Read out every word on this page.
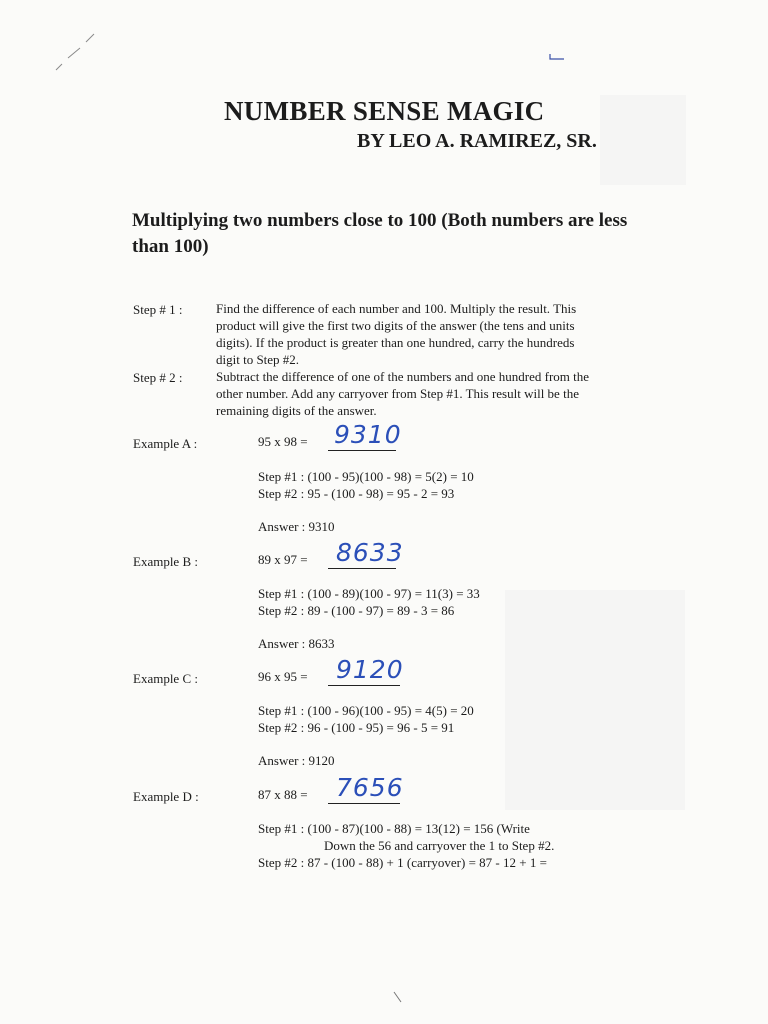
NUMBER SENSE MAGIC
BY LEO A. RAMIREZ, SR.
Multiplying two numbers close to 100 (Both numbers are less than 100)
Step # 1 :	Find the difference of each number and 100. Multiply the result. This
product will give the first two digits of the answer (the tens and units
digits). If the product is greater than one hundred, carry the hundreds
digit to Step #2.
Step # 2 :	Subtract the difference of one of the numbers and one hundred from the
other number. Add any carryover from Step #1. This result will be the
remaining digits of the answer.
Example A :	95 x 98 = 9310
Step #1 : (100 - 95)(100 - 98) = 5(2) = 10
Step #2 : 95 - (100 - 98) = 95 - 2 = 93
Answer : 9310
Example B :	89 x 97 = 8633
Step #1 : (100 - 89)(100 - 97) = 11(3) = 33
Step #2 : 89 - (100 - 97) = 89 - 3 = 86
Answer : 8633
Example C :	96 x 95 = 9120
Step #1 : (100 - 96)(100 - 95) = 4(5) = 20
Step #2 : 96 - (100 - 95) = 96 - 5 = 91
Answer : 9120
Example D :	87 x 88 = 7656
Step #1 : (100 - 87)(100 - 88) = 13(12) = 156 (Write
Down the 56 and carryover the 1 to Step #2.
Step #2 : 87 - (100 - 88) + 1 (carryover) = 87 - 12 + 1 =
